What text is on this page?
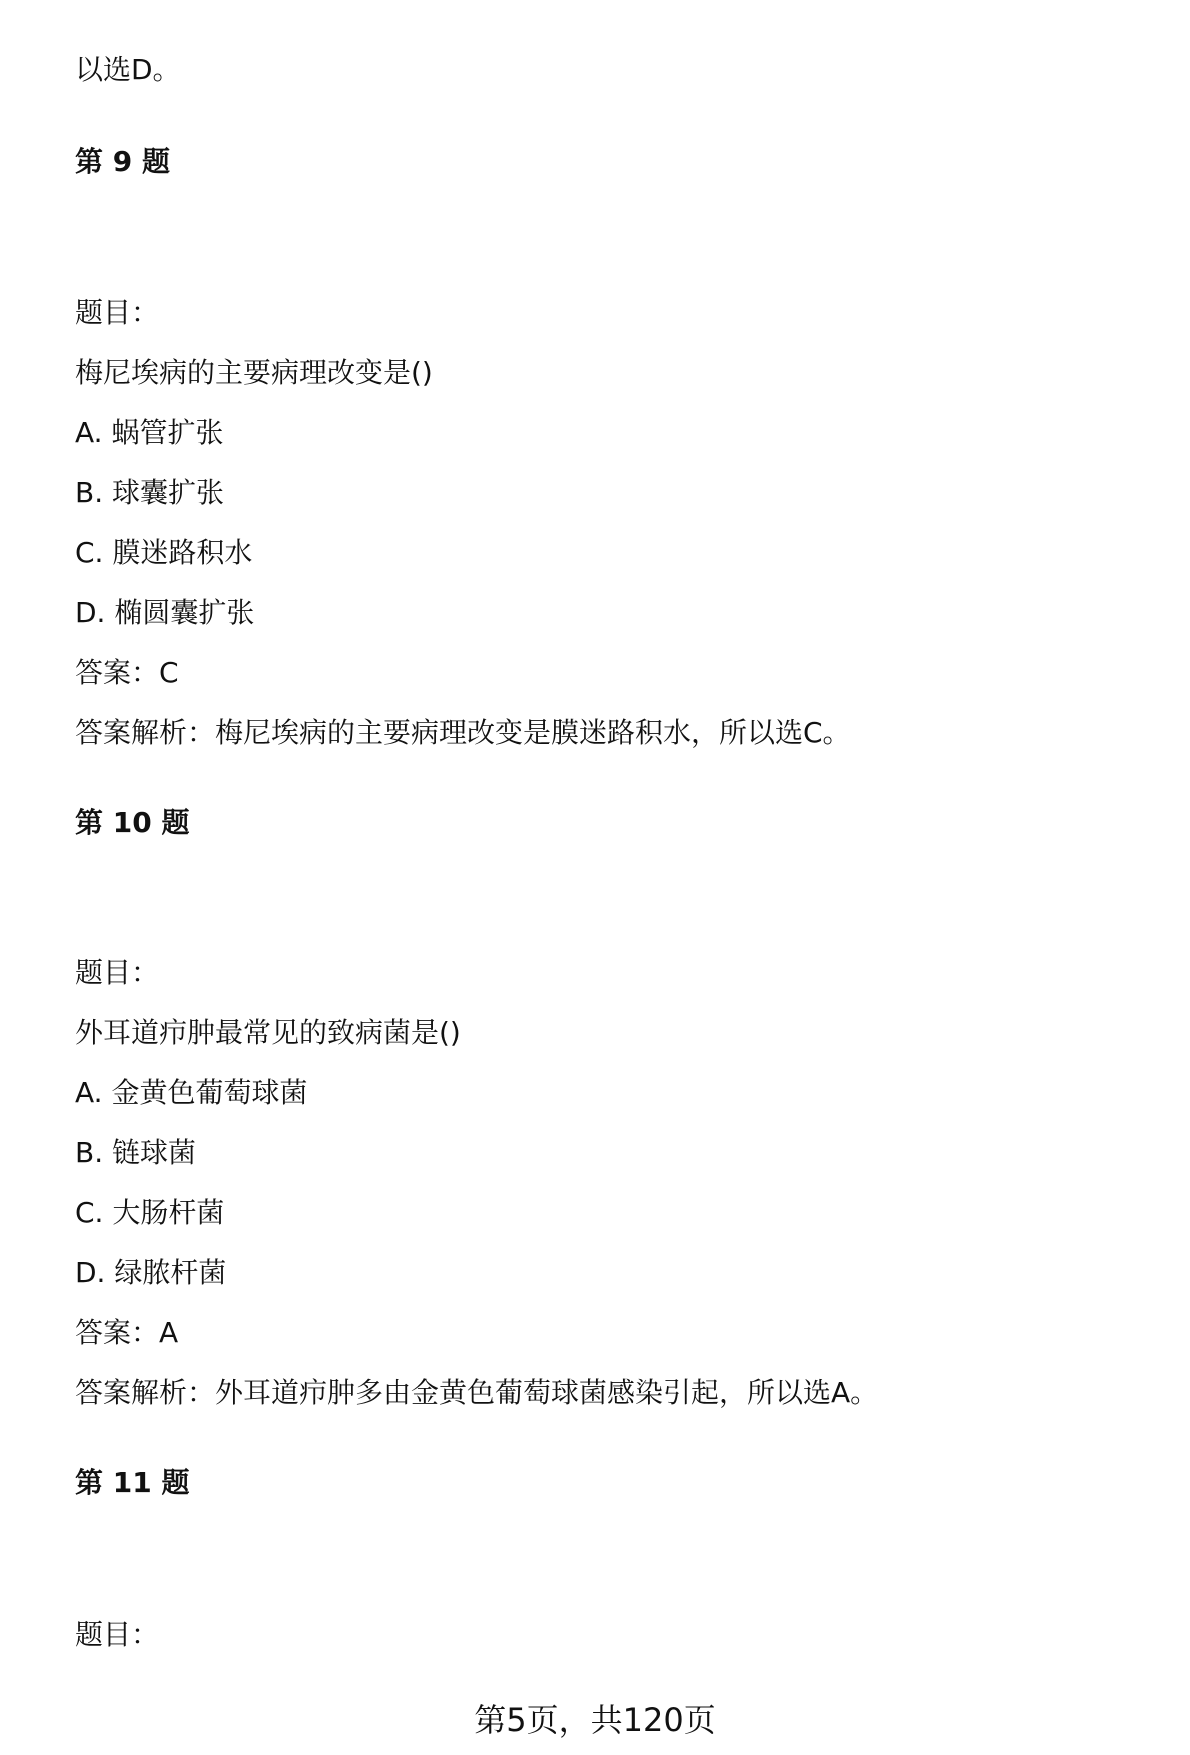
以选D。
第 9 题
题目：
梅尼埃病的主要病理改变是()
A. 蜗管扩张
B. 球囊扩张
C. 膜迷路积水
D. 椭圆囊扩张
答案：C
答案解析：梅尼埃病的主要病理改变是膜迷路积水，所以选C。
第 10 题
题目：
外耳道疖肿最常见的致病菌是()
A. 金黄色葡萄球菌
B. 链球菌
C. 大肠杆菌
D. 绿脓杆菌
答案：A
答案解析：外耳道疖肿多由金黄色葡萄球菌感染引起，所以选A。
第 11 题
题目：
第5页，共120页
